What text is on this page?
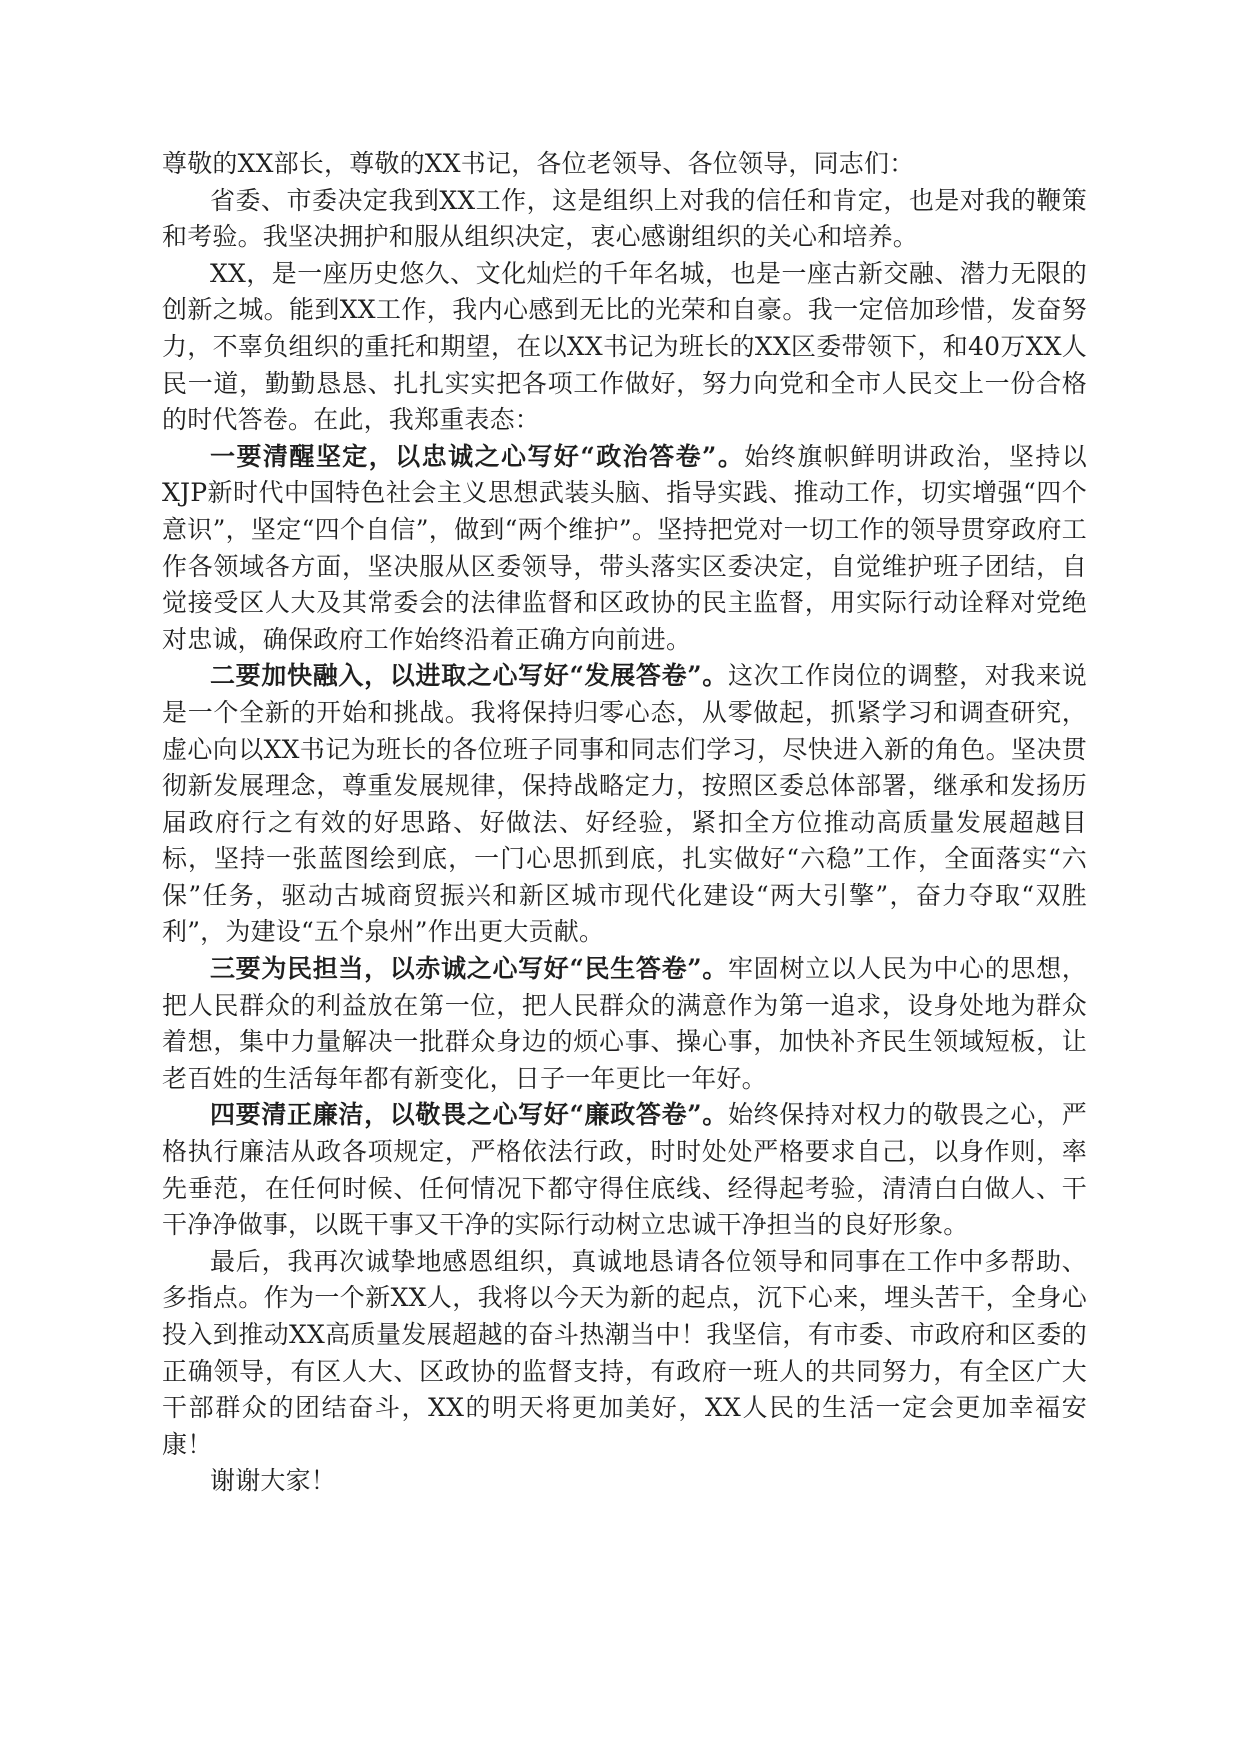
尊敬的XX部长，尊敬的XX书记，各位老领导、各位领导，同志们：

省委、市委决定我到XX工作，这是组织上对我的信任和肯定，也是对我的鞭策和考验。我坚决拥护和服从组织决定，衷心感谢组织的关心和培养。

XX，是一座历史悠久、文化灿烂的千年名城，也是一座古新交融、潜力无限的创新之城。能到XX工作，我内心感到无比的光荣和自豪。我一定倍加珍惜，发奋努力，不辜负组织的重托和期望，在以XX书记为班长的XX区委带领下，和40万XX人民一道，勤勤恳恳、扎扎实实把各项工作做好，努力向党和全市人民交上一份合格的时代答卷。在此，我郑重表态：

一要清醒坚定，以忠诚之心写好“政治答卷”。始终旗帜鲜明讲政治，坚持以XJP新时代中国特色社会主义思想武装头脑、指导实践、推动工作，切实增强“四个意识”，坚定“四个自信”，做到“两个维护”。坚持把党对一切工作的领导贯穿政府工作各领域各方面，坚决服从区委领导，带头落实区委决定，自觉维护班子团结，自觉接受区人大及其常委会的法律监督和区政协的民主监督，用实际行动诠释对党绝对忠诚，确保政府工作始终沿着正确方向前进。

二要加快融入，以进取之心写好“发展答卷”。这次工作岗位的调整，对我来说是一个全新的开始和挑战。我将保持归零心态，从零做起，抓紧学习和调查研究，虚心向以XX书记为班长的各位班子同事和同志们学习，尽快进入新的角色。坚决贯彻新发展理念，尊重发展规律，保持战略定力，按照区委总体部署，继承和发扬历届政府行之有效的好思路、好做法、好经验，紧扣全方位推动高质量发展超越目标，坚持一张蓝图绘到底，一门心思抓到底，扎实做好“六稳”工作，全面落实“六保”任务，驱动古城商贸振兴和新区城市现代化建设“两大引擎”，奋力夺取“双胜利”，为建设“五个泉州”作出更大贡献。

三要为民担当，以赤诚之心写好“民生答卷”。牢固树立以人民为中心的思想，把人民群众的利益放在第一位，把人民群众的满意作为第一追求，设身处地为群众着想，集中力量解决一批群众身边的烦心事、操心事，加快补齐民生领域短板，让老百姓的生活每年都有新变化，日子一年更比一年好。

四要清正廉洁，以敬畏之心写好“廉政答卷”。始终保持对权力的敬畏之心，严格执行廉洁从政各项规定，严格依法行政，时时处处严格要求自己，以身作则，率先垂范，在任何时候、任何情况下都守得住底线、经得起考验，清清白白做人、干干净净做事，以既干事又干净的实际行动树立忠诚干净担当的良好形象。

最后，我再次诚挚地感恩组织，真诚地恳请各位领导和同事在工作中多帮助、多指点。作为一个新XX人，我将以今天为新的起点，沉下心来，埋头苦干，全身心投入到推动XX高质量发展超越的奋斗热潮当中！我坚信，有市委、市政府和区委的正确领导，有区人大、区政协的监督支持，有政府一班人的共同努力，有全区广大干部群众的团结奋斗，XX的明天将更加美好，XX人民的生活一定会更加幸福安康！

谢谢大家！
